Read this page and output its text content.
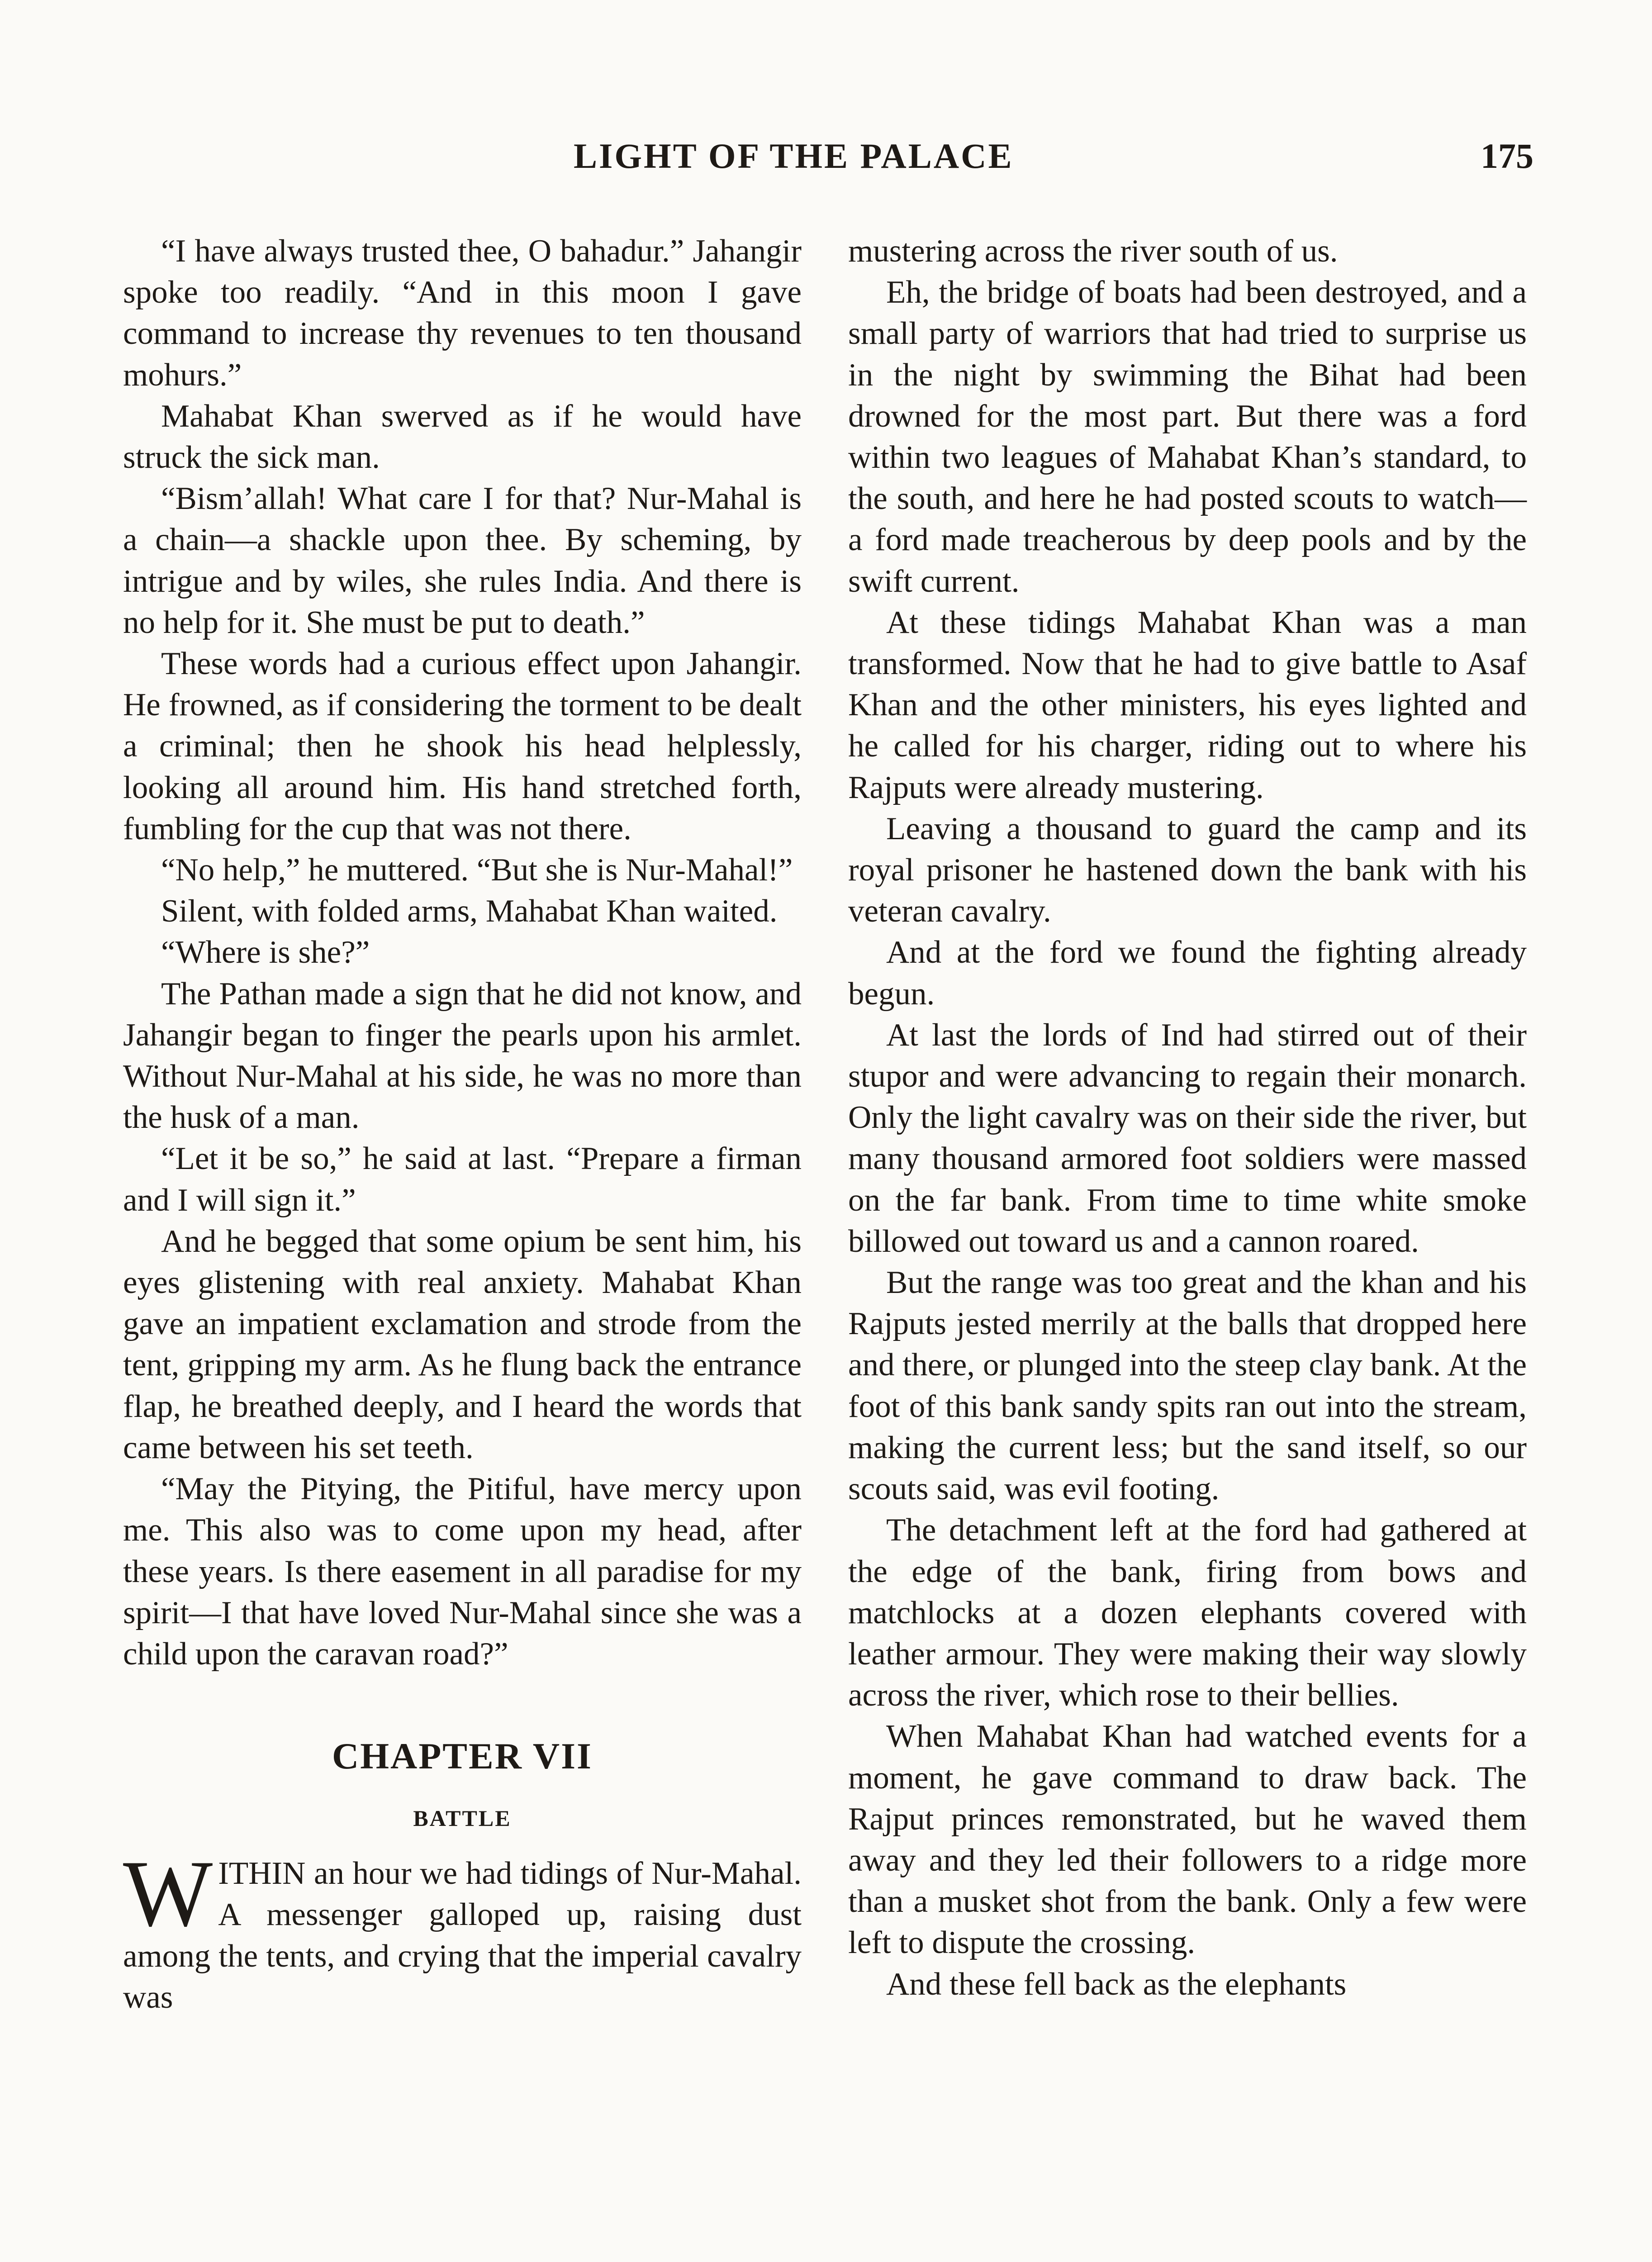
LIGHT OF THE PALACE	175

“I have always trusted thee, O bahadur.” Jahangir spoke too readily. “And in this moon I gave command to increase thy revenues to ten thousand mohurs.”

Mahabat Khan swerved as if he would have struck the sick man.

“Bism’allah! What care I for that? Nur-Mahal is a chain—a shackle upon thee. By scheming, by intrigue and by wiles, she rules India. And there is no help for it. She must be put to death.”

These words had a curious effect upon Jahangir. He frowned, as if considering the torment to be dealt a criminal; then he shook his head helplessly, looking all around him. His hand stretched forth, fumbling for the cup that was not there.

“No help,” he muttered. “But she is Nur-Mahal!”

Silent, with folded arms, Mahabat Khan waited.

“Where is she?”

The Pathan made a sign that he did not know, and Jahangir began to finger the pearls upon his armlet. Without Nur-Mahal at his side, he was no more than the husk of a man.

“Let it be so,” he said at last. “Prepare a firman and I will sign it.”

And he begged that some opium be sent him, his eyes glistening with real anxiety. Mahabat Khan gave an impatient exclamation and strode from the tent, gripping my arm. As he flung back the entrance flap, he breathed deeply, and I heard the words that came between his set teeth.

“May the Pitying, the Pitiful, have mercy upon me. This also was to come upon my head, after these years. Is there easement in all paradise for my spirit—I that have loved Nur-Mahal since she was a child upon the caravan road?”

CHAPTER VII
BATTLE

WITHIN an hour we had tidings of Nur-Mahal. A messenger galloped up, raising dust among the tents, and crying that the imperial cavalry was

mustering across the river south of us.

Eh, the bridge of boats had been destroyed, and a small party of warriors that had tried to surprise us in the night by swimming the Bihat had been drowned for the most part. But there was a ford within two leagues of Mahabat Khan’s standard, to the south, and here he had posted scouts to watch—a ford made treacherous by deep pools and by the swift current.

At these tidings Mahabat Khan was a man transformed. Now that he had to give battle to Asaf Khan and the other ministers, his eyes lighted and he called for his charger, riding out to where his Rajputs were already mustering.

Leaving a thousand to guard the camp and its royal prisoner he hastened down the bank with his veteran cavalry.

And at the ford we found the fighting already begun.

At last the lords of Ind had stirred out of their stupor and were advancing to regain their monarch. Only the light cavalry was on their side the river, but many thousand armored foot soldiers were massed on the far bank. From time to time white smoke billowed out toward us and a cannon roared.

But the range was too great and the khan and his Rajputs jested merrily at the balls that dropped here and there, or plunged into the steep clay bank. At the foot of this bank sandy spits ran out into the stream, making the current less; but the sand itself, so our scouts said, was evil footing.

The detachment left at the ford had gathered at the edge of the bank, firing from bows and matchlocks at a dozen elephants covered with leather armour. They were making their way slowly across the river, which rose to their bellies.

When Mahabat Khan had watched events for a moment, he gave command to draw back. The Rajput princes remonstrated, but he waved them away and they led their followers to a ridge more than a musket shot from the bank. Only a few were left to dispute the crossing.

And these fell back as the elephants
